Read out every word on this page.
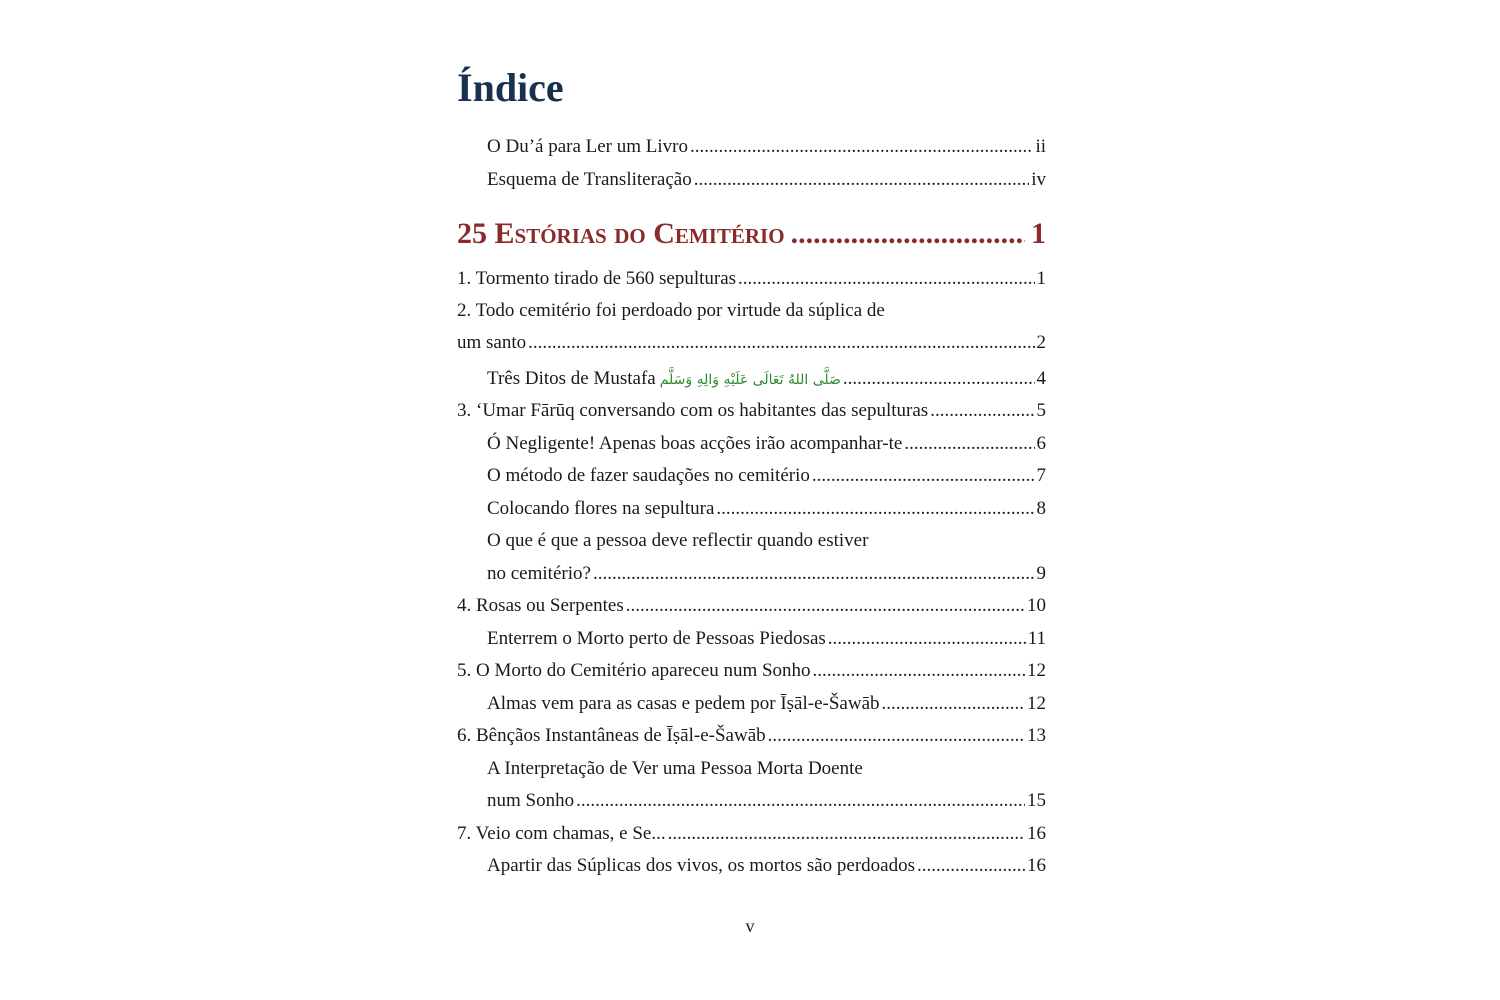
Índice
O Du’á para Ler um Livro .....	ii
Esquema de Transliteração .....	iv
25 Estórias do Cemitério .....	1
1. Tormento tirado de 560 sepulturas .....	1
2. Todo cemitério foi perdoado por virtude da súplica de
um santo .....	2
Três Ditos de Mustafa صَلَّى اللهُ تَعَالَى عَلَيْهِ وَالِهِ وَسَلَّم .....	4
3. ‘Umar Fārūq conversando com os habitantes das sepulturas .....	5
Ó Negligente! Apenas boas acções irão acompanhar-te .....	6
O método de fazer saudações no cemitério .....	7
Colocando flores na sepultura .....	8
O que é que a pessoa deve reflectir quando estiver
no cemitério? .....	9
4. Rosas ou Serpentes .....	10
Enterrem o Morto perto de Pessoas Piedosas .....	11
5. O Morto do Cemitério apareceu num Sonho .....	12
Almas vem para as casas e pedem por Īṣāl-e-Šawāb .....	12
6. Bênçãos Instantâneas de Īṣāl-e-Šawāb .....	13
A Interpretação de Ver uma Pessoa Morta Doente
num Sonho .....	15
7. Veio com chamas, e Se... .....	16
Apartir das Súplicas dos vivos, os mortos são perdoados .....	16
v
